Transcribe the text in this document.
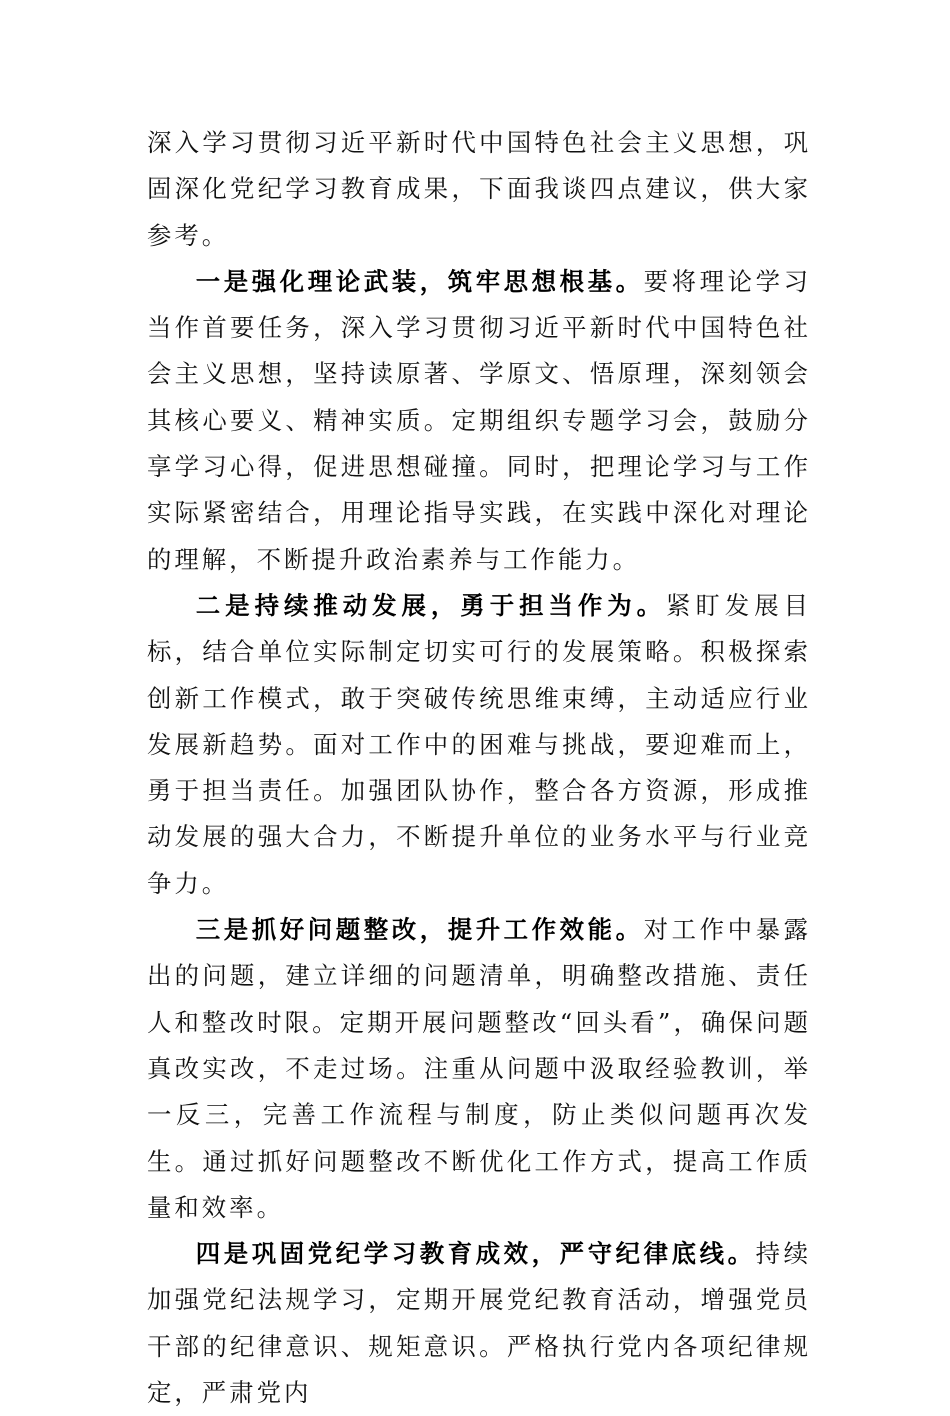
深入学习贯彻习近平新时代中国特色社会主义思想，巩固深化党纪学习教育成果，下面我谈四点建议，供大家参考。

一是强化理论武装，筑牢思想根基。要将理论学习当作首要任务，深入学习贯彻习近平新时代中国特色社会主义思想，坚持读原著、学原文、悟原理，深刻领会其核心要义、精神实质。定期组织专题学习会，鼓励分享学习心得，促进思想碰撞。同时，把理论学习与工作实际紧密结合，用理论指导实践，在实践中深化对理论的理解，不断提升政治素养与工作能力。

二是持续推动发展，勇于担当作为。紧盯发展目标，结合单位实际制定切实可行的发展策略。积极探索创新工作模式，敢于突破传统思维束缚，主动适应行业发展新趋势。面对工作中的困难与挑战，要迎难而上，勇于担当责任。加强团队协作，整合各方资源，形成推动发展的强大合力，不断提升单位的业务水平与行业竞争力。

三是抓好问题整改，提升工作效能。对工作中暴露出的问题，建立详细的问题清单，明确整改措施、责任人和整改时限。定期开展问题整改“回头看”，确保问题真改实改，不走过场。注重从问题中汲取经验教训，举一反三，完善工作流程与制度，防止类似问题再次发生。通过抓好问题整改不断优化工作方式，提高工作质量和效率。

四是巩固党纪学习教育成效，严守纪律底线。持续加强党纪法规学习，定期开展党纪教育活动，增强党员干部的纪律意识、规矩意识。严格执行党内各项纪律规定，严肃党内
